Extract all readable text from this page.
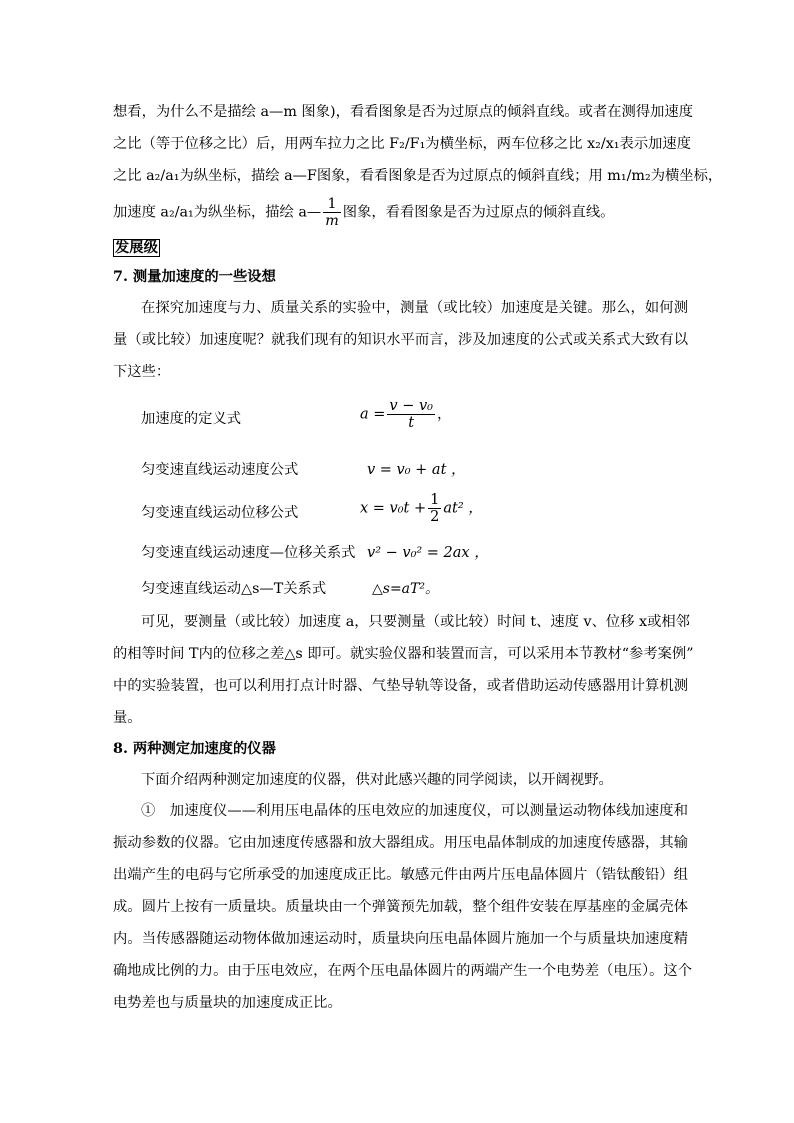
想看，为什么不是描绘 a—m 图象)，看看图象是否为过原点的倾斜直线。或者在测得加速度
之比（等于位移之比）后，用两车拉力之比 F₂/F₁为横坐标，两车位移之比 x₂/x₁表示加速度
之比 a₂/a₁为纵坐标，描绘 a—F图象，看看图象是否为过原点的倾斜直线；用 m₁/m₂为横坐标，
加速度 a₂/a₁为纵坐标，描绘 a— $\frac{1}{m}$ 图象，看看图象是否为过原点的倾斜直线。
发展级
7. 测量加速度的一些设想
在探究加速度与力、质量关系的实验中，测量（或比较）加速度是关键。那么，如何测
量（或比较）加速度呢？就我们现有的知识水平而言，涉及加速度的公式或关系式大致有以
下这些：
加速度的定义式	$a = \frac{\text{v − v₀}}{t}$ ，
匀变速直线运动速度公式	v = v₀ + at ，
匀变速直线运动位移公式	$x = v_0t + \frac{1}{2} at^2$ ，
匀变速直线运动速度—位移关系式 v² − v₀² = 2ax ，
匀变速直线运动△s—T关系式	△s=aT²。
可见，要测量（或比较）加速度 a，只要测量（或比较）时间 t、速度 v、位移 x或相邻
的相等时间 T内的位移之差△s 即可。就实验仪器和装置而言，可以采用本节教材“参考案例”
中的实验装置，也可以利用打点计时器、气垫导轨等设备，或者借助运动传感器用计算机测
量。
8. 两种测定加速度的仪器
下面介绍两种测定加速度的仪器，供对此感兴趣的同学阅读，以开阔视野。
①　加速度仪——利用压电晶体的压电效应的加速度仪，可以测量运动物体线加速度和
振动参数的仪器。它由加速度传感器和放大器组成。用压电晶体制成的加速度传感器，其输
出端产生的电码与它所承受的加速度成正比。敏感元件由两片压电晶体圆片（锆钛酸铅）组
成。圆片上按有一质量块。质量块由一个弹簧预先加载，整个组件安装在厚基座的金属壳体
内。当传感器随运动物体做加速运动时，质量块向压电晶体圆片施加一个与质量块加速度精
确地成比例的力。由于压电效应，在两个压电晶体圆片的两端产生一个电势差（电压）。这个
电势差也与质量块的加速度成正比。
